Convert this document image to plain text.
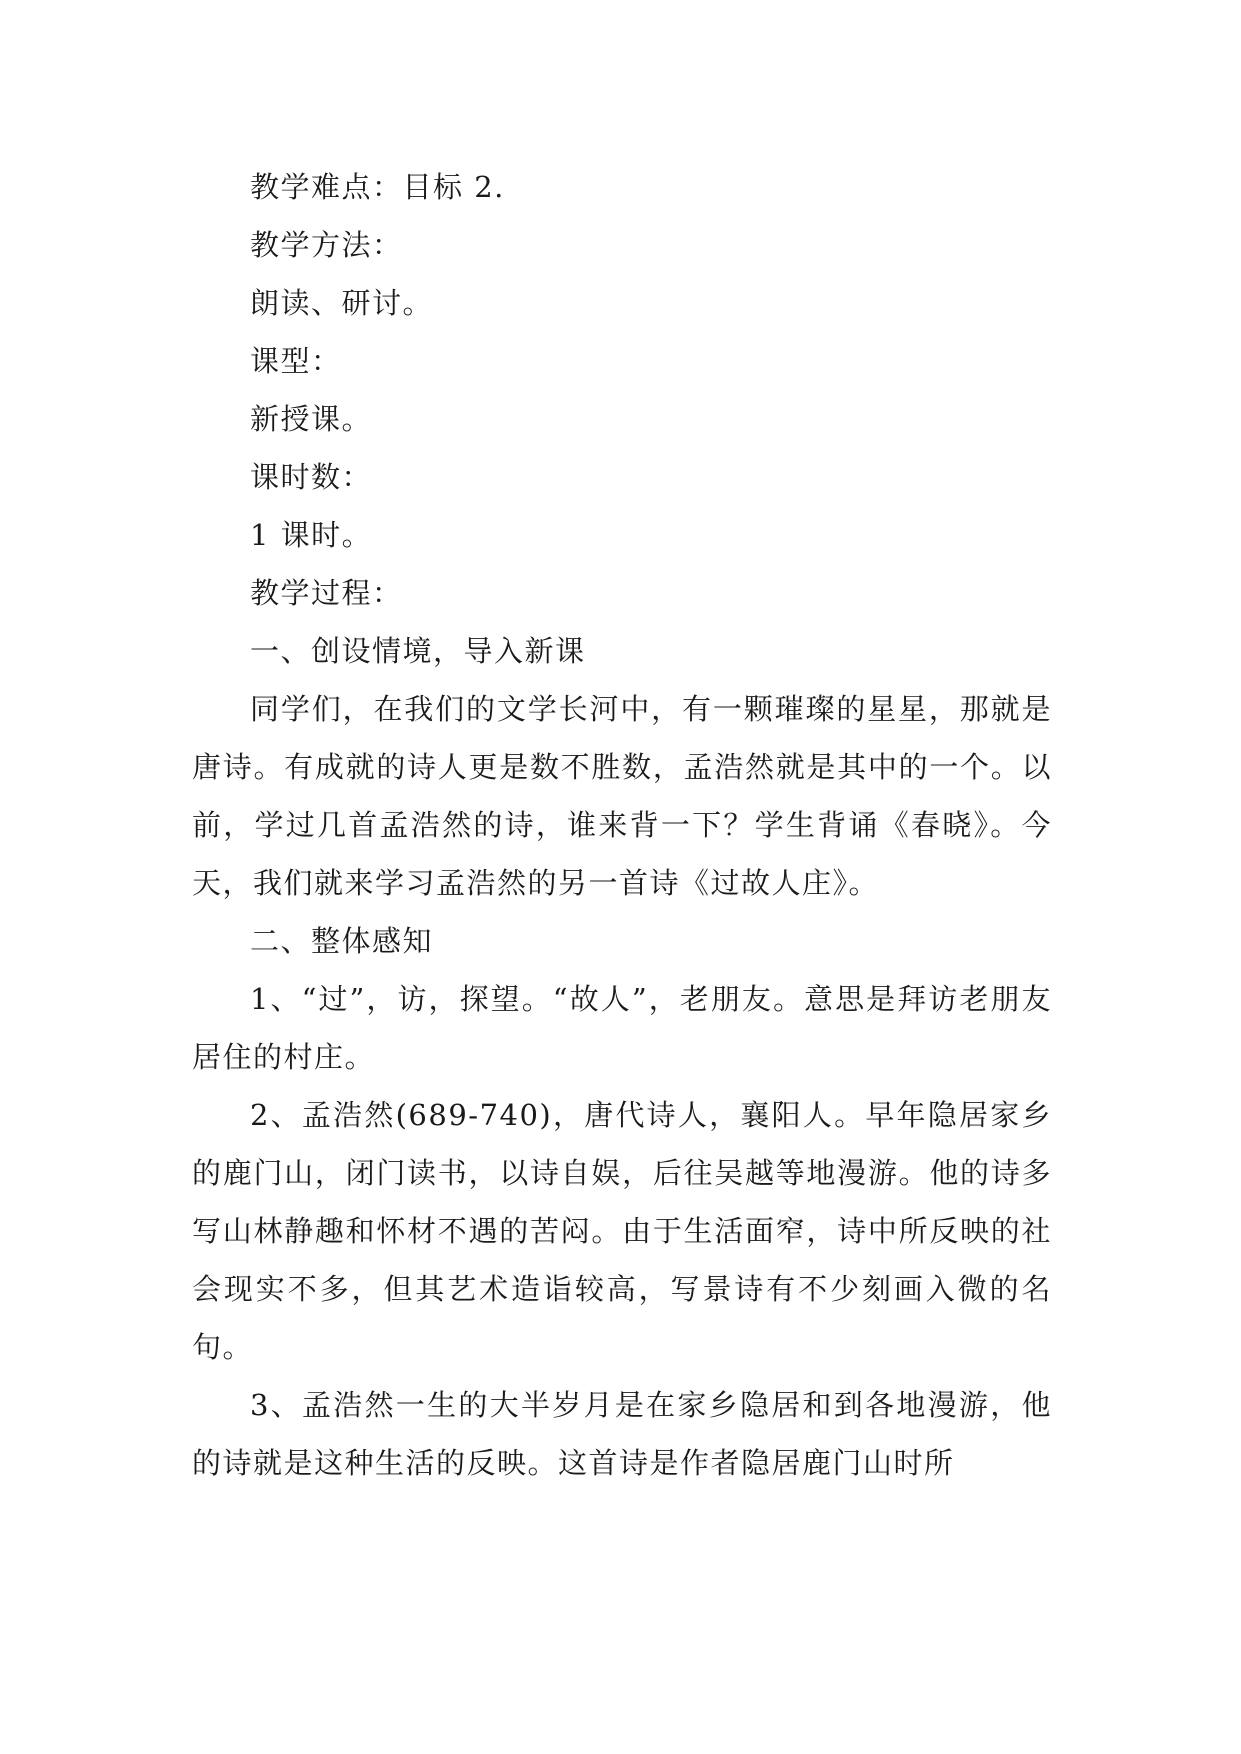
教学难点：目标 2.

教学方法：

朗读、研讨。

课型：

新授课。

课时数：

1 课时。

教学过程：

一、创设情境，导入新课

同学们，在我们的文学长河中，有一颗璀璨的星星，那就是唐诗。有成就的诗人更是数不胜数，孟浩然就是其中的一个。以前，学过几首孟浩然的诗，谁来背一下？学生背诵《春晓》。今天，我们就来学习孟浩然的另一首诗《过故人庄》。

二、整体感知

1、“过”，访，探望。“故人”，老朋友。意思是拜访老朋友居住的村庄。

2、孟浩然(689-740)，唐代诗人，襄阳人。早年隐居家乡的鹿门山，闭门读书，以诗自娱，后往吴越等地漫游。他的诗多写山林静趣和怀材不遇的苦闷。由于生活面窄，诗中所反映的社会现实不多，但其艺术造诣较高，写景诗有不少刻画入微的名句。

3、孟浩然一生的大半岁月是在家乡隐居和到各地漫游，他的诗就是这种生活的反映。这首诗是作者隐居鹿门山时所
